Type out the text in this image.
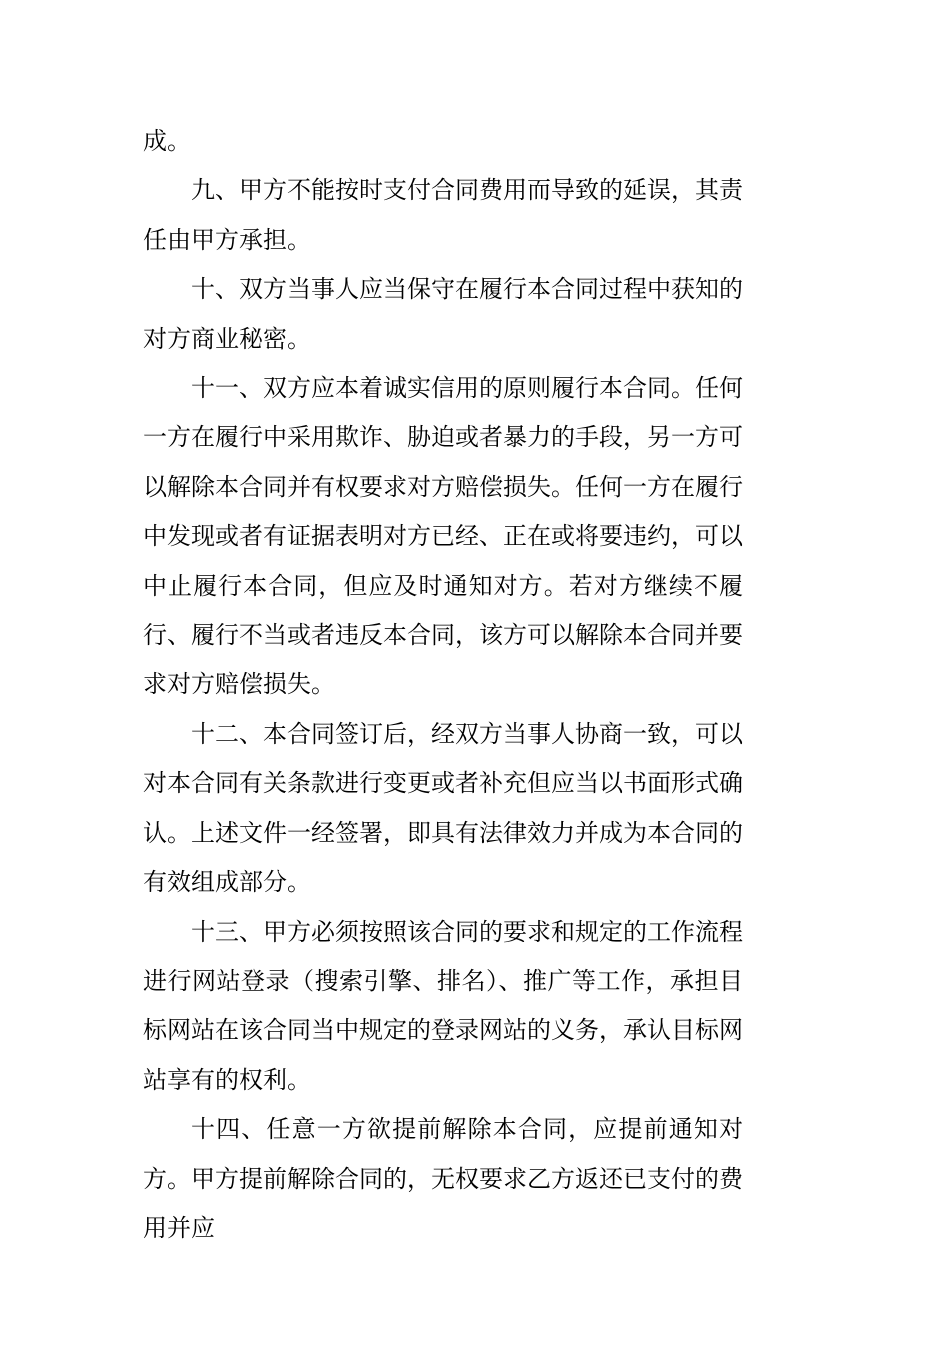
成。

九、甲方不能按时支付合同费用而导致的延误，其责任由甲方承担。

十、双方当事人应当保守在履行本合同过程中获知的对方商业秘密。

十一、双方应本着诚实信用的原则履行本合同。任何一方在履行中采用欺诈、胁迫或者暴力的手段，另一方可以解除本合同并有权要求对方赔偿损失。任何一方在履行中发现或者有证据表明对方已经、正在或将要违约，可以中止履行本合同，但应及时通知对方。若对方继续不履行、履行不当或者违反本合同，该方可以解除本合同并要求对方赔偿损失。

十二、本合同签订后，经双方当事人协商一致，可以对本合同有关条款进行变更或者补充但应当以书面形式确认。上述文件一经签署，即具有法律效力并成为本合同的有效组成部分。

十三、甲方必须按照该合同的要求和规定的工作流程进行网站登录（搜索引擎、排名）、推广等工作，承担目标网站在该合同当中规定的登录网站的义务，承认目标网站享有的权利。

十四、任意一方欲提前解除本合同，应提前通知对方。甲方提前解除合同的，无权要求乙方返还已支付的费用并应
